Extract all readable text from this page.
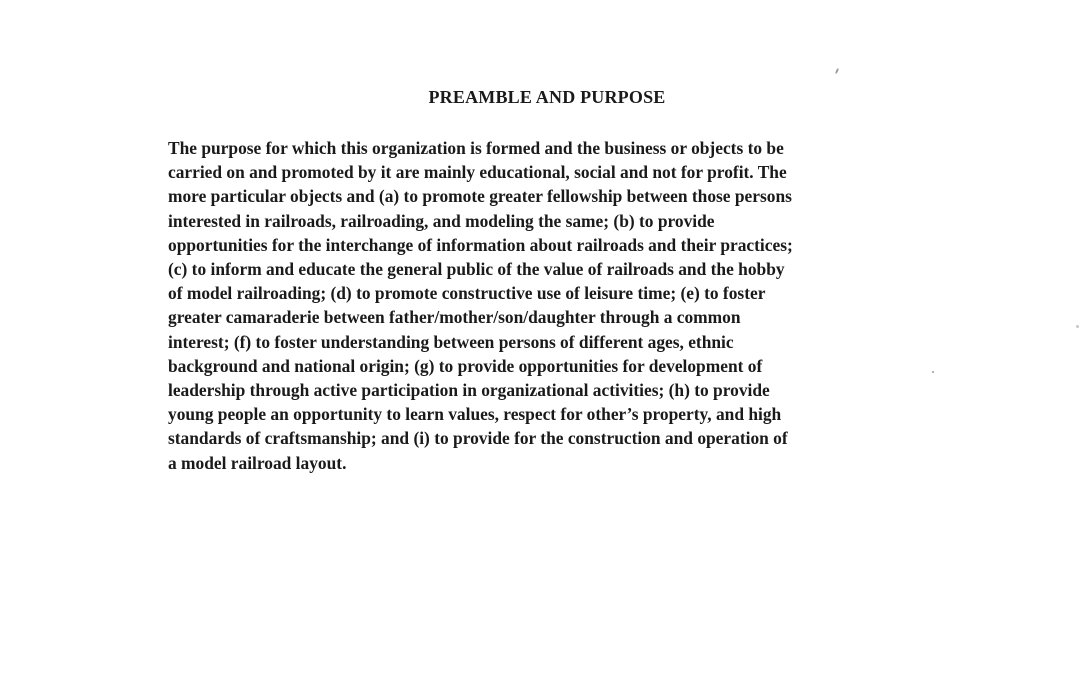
PREAMBLE AND PURPOSE

The purpose for which this organization is formed and the business or objects to be
carried on and promoted by it are mainly educational, social and not for profit. The
more particular objects and (a) to promote greater fellowship between those persons
interested in railroads, railroading, and modeling the same; (b) to provide
opportunities for the interchange of information about railroads and their practices;
(c) to inform and educate the general public of the value of railroads and the hobby
of model railroading; (d) to promote constructive use of leisure time; (e) to foster
greater camaraderie between father/mother/son/daughter through a common
interest; (f) to foster understanding between persons of different ages, ethnic
background and national origin; (g) to provide opportunities for development of
leadership through active participation in organizational activities; (h) to provide
young people an opportunity to learn values, respect for other’s property, and high
standards of craftsmanship; and (i) to provide for the construction and operation of
a model railroad layout.
